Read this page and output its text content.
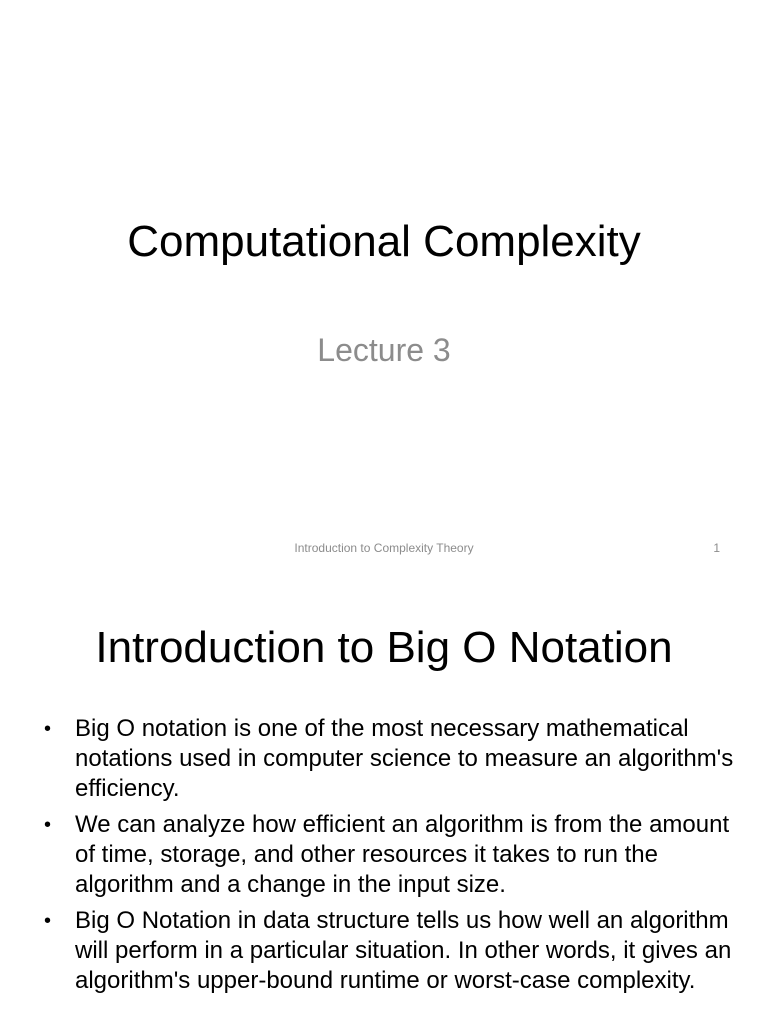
Computational Complexity
Lecture 3
Introduction to Complexity Theory	1
Introduction to Big O Notation
• Big O notation is one of the most necessary mathematical notations used in computer science to measure an algorithm's efficiency.
• We can analyze how efficient an algorithm is from the amount of time, storage, and other resources it takes to run the algorithm and a change in the input size.
• Big O Notation in data structure tells us how well an algorithm will perform in a particular situation. In other words, it gives an algorithm's upper-bound runtime or worst-case complexity.
